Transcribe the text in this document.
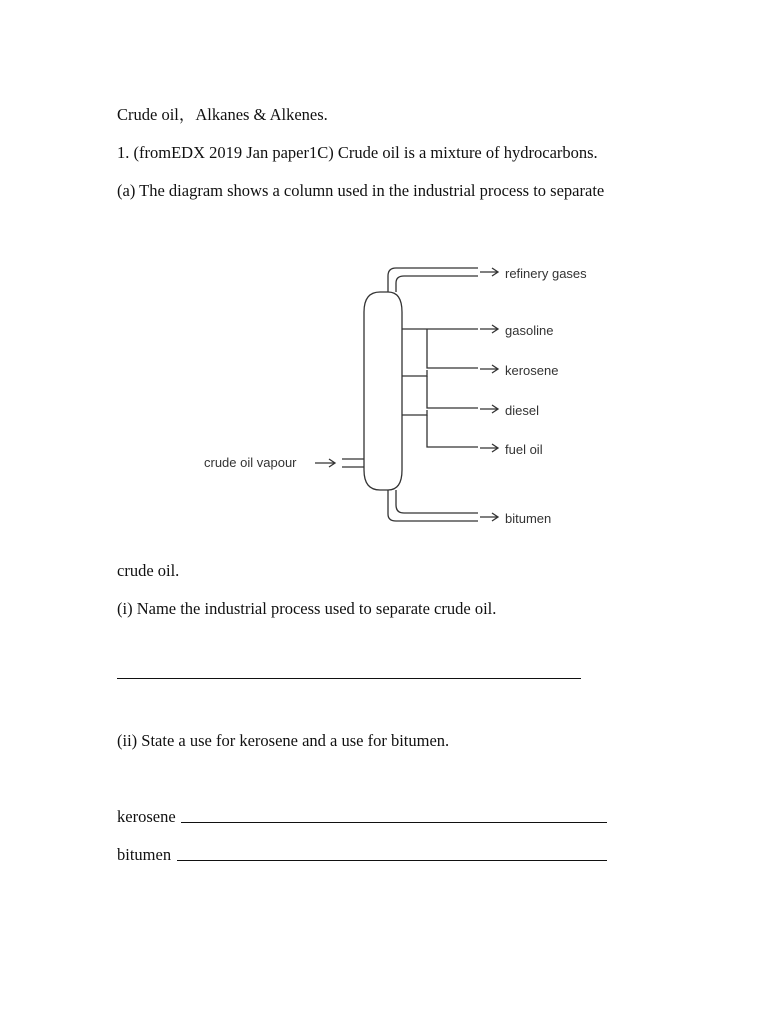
Crude oil，Alkanes & Alkenes.
1. (fromEDX 2019 Jan paper1C) Crude oil is a mixture of hydrocarbons.
(a) The diagram shows a column used in the industrial process to separate
crude oil vapour
refinery gases
gasoline
kerosene
diesel
fuel oil
bitumen
crude oil.
(i) Name the industrial process used to separate crude oil.
(ii) State a use for kerosene and a use for bitumen.
kerosene
bitumen
